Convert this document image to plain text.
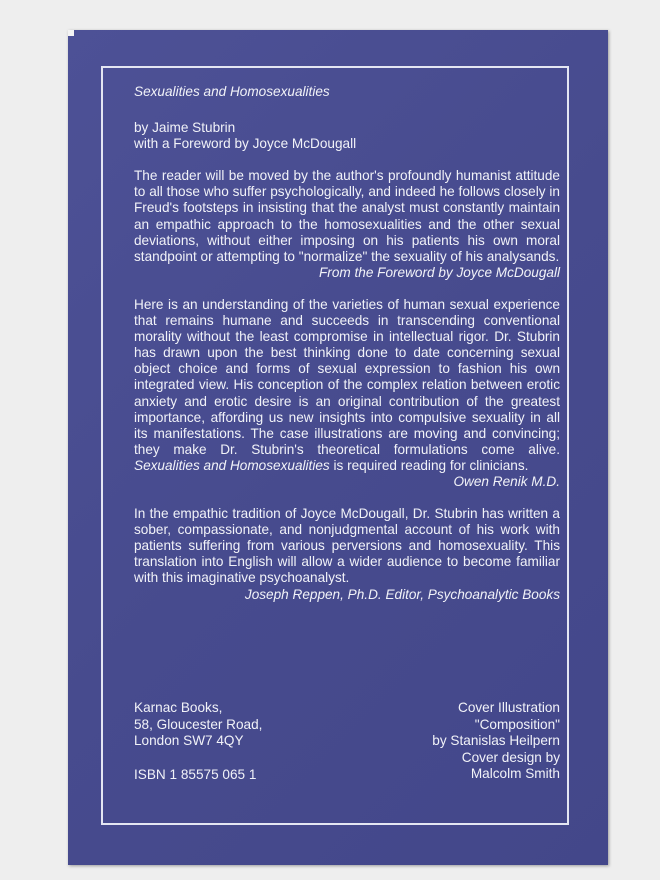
Sexualities and Homosexualities
by Jaime Stubrin
with a Foreword by Joyce McDougall

The reader will be moved by the author's profoundly humanist attitude to all those who suffer psychologically, and indeed he follows closely in Freud's footsteps in insisting that the analyst must constantly maintain an empathic approach to the homosexualities and the other sexual deviations, without either imposing on his patients his own moral standpoint or attempting to "normalize" the sexuality of his analysands.

From the Foreword by Joyce McDougall

Here is an understanding of the varieties of human sexual experience that remains humane and succeeds in transcending conventional morality without the least compromise in intellectual rigor. Dr. Stubrin has drawn upon the best thinking done to date concerning sexual object choice and forms of sexual expression to fashion his own integrated view. His conception of the complex relation between erotic anxiety and erotic desire is an original contribution of the greatest importance, affording us new insights into compulsive sexuality in all its manifestations. The case illustrations are moving and convincing; they make Dr. Stubrin's theoretical formulations come alive. Sexualities and Homosexualities is required reading for clinicians.

Owen Renik M.D.

In the empathic tradition of Joyce McDougall, Dr. Stubrin has written a sober, compassionate, and nonjudgmental account of his work with patients suffering from various perversions and homosexuality. This translation into English will allow a wider audience to become familiar with this imaginative psychoanalyst.

Joseph Reppen, Ph.D. Editor, Psychoanalytic Books
Karnac Books,
58, Gloucester Road,
London SW7 4QY
ISBN 1 85575 065 1
Cover Illustration
"Composition"
by Stanislas Heilpern
Cover design by
Malcolm Smith
